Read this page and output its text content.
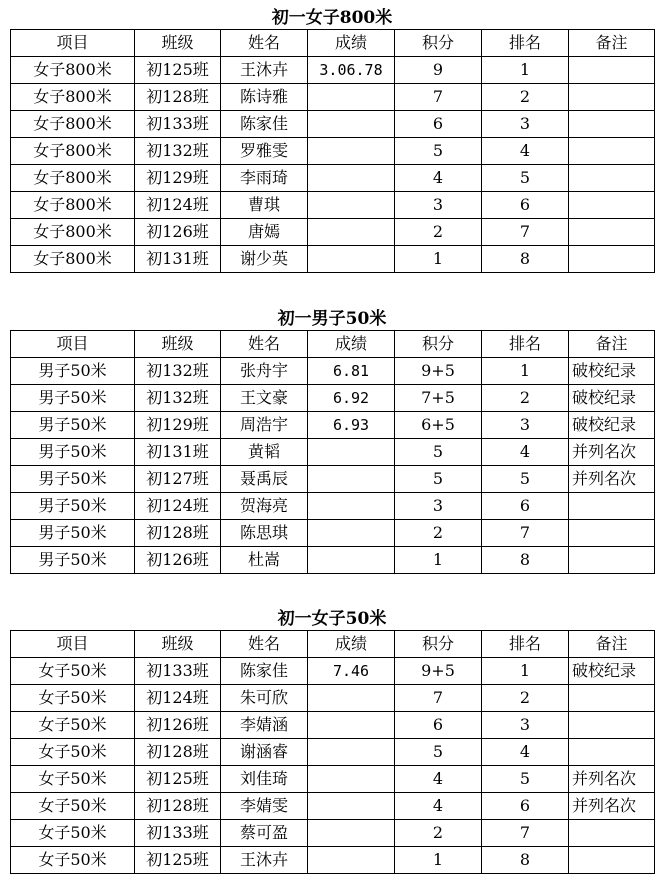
初一女子800米
项目	班级	姓名	成绩	积分	排名	备注
女子800米	初125班	王沐卉	3.06.78	9	1	
女子800米	初128班	陈诗雅		7	2	
女子800米	初133班	陈家佳		6	3	
女子800米	初132班	罗雅雯		5	4	
女子800米	初129班	李雨琦		4	5	
女子800米	初124班	曹琪		3	6	
女子800米	初126班	唐嫣		2	7	
女子800米	初131班	谢少英		1	8	
初一男子50米
项目	班级	姓名	成绩	积分	排名	备注
男子50米	初132班	张舟宇	6.81	9+5	1	破校纪录
男子50米	初132班	王文豪	6.92	7+5	2	破校纪录
男子50米	初129班	周浩宇	6.93	6+5	3	破校纪录
男子50米	初131班	黄韬		5	4	并列名次
男子50米	初127班	聂禹辰		5	5	并列名次
男子50米	初124班	贺海亮		3	6	
男子50米	初128班	陈思琪		2	7	
男子50米	初126班	杜嵩		1	8	
初一女子50米
项目	班级	姓名	成绩	积分	排名	备注
女子50米	初133班	陈家佳	7.46	9+5	1	破校纪录
女子50米	初124班	朱可欣		7	2	
女子50米	初126班	李婧涵		6	3	
女子50米	初128班	谢涵睿		5	4	
女子50米	初125班	刘佳琦		4	5	并列名次
女子50米	初128班	李婧雯		4	6	并列名次
女子50米	初133班	蔡可盈		2	7	
女子50米	初125班	王沐卉		1	8	
